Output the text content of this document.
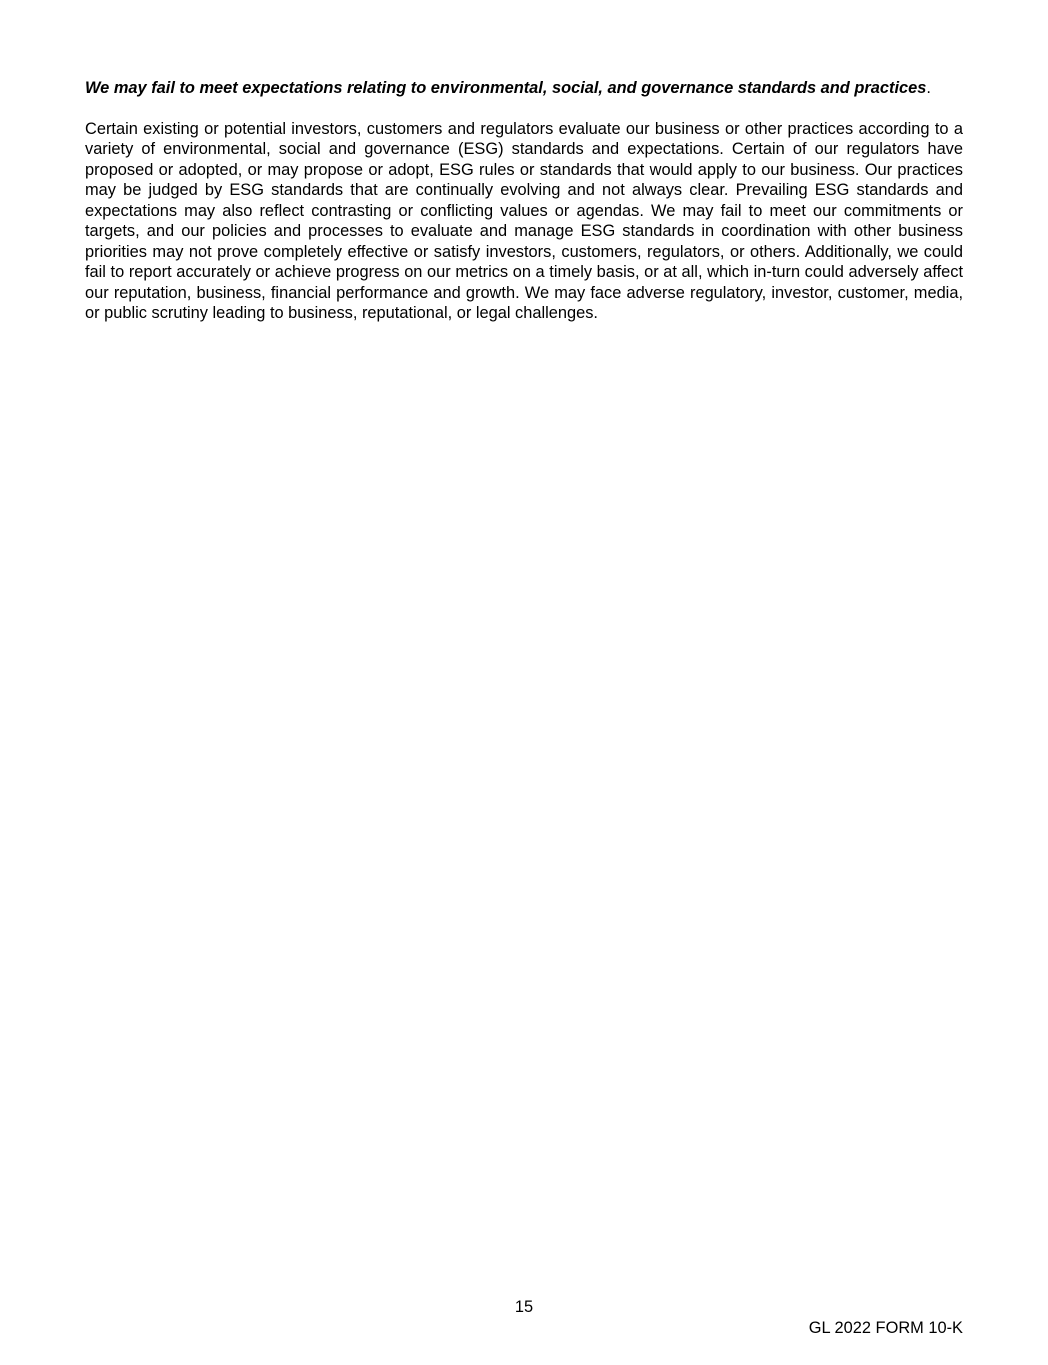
We may fail to meet expectations relating to environmental, social, and governance standards and practices.

Certain existing or potential investors, customers and regulators evaluate our business or other practices according to a variety of environmental, social and governance (ESG) standards and expectations. Certain of our regulators have proposed or adopted, or may propose or adopt, ESG rules or standards that would apply to our business. Our practices may be judged by ESG standards that are continually evolving and not always clear. Prevailing ESG standards and expectations may also reflect contrasting or conflicting values or agendas. We may fail to meet our commitments or targets, and our policies and processes to evaluate and manage ESG standards in coordination with other business priorities may not prove completely effective or satisfy investors, customers, regulators, or others. Additionally, we could fail to report accurately or achieve progress on our metrics on a timely basis, or at all, which in-turn could adversely affect our reputation, business, financial performance and growth. We may face adverse regulatory, investor, customer, media, or public scrutiny leading to business, reputational, or legal challenges.

15
GL 2022 FORM 10-K
